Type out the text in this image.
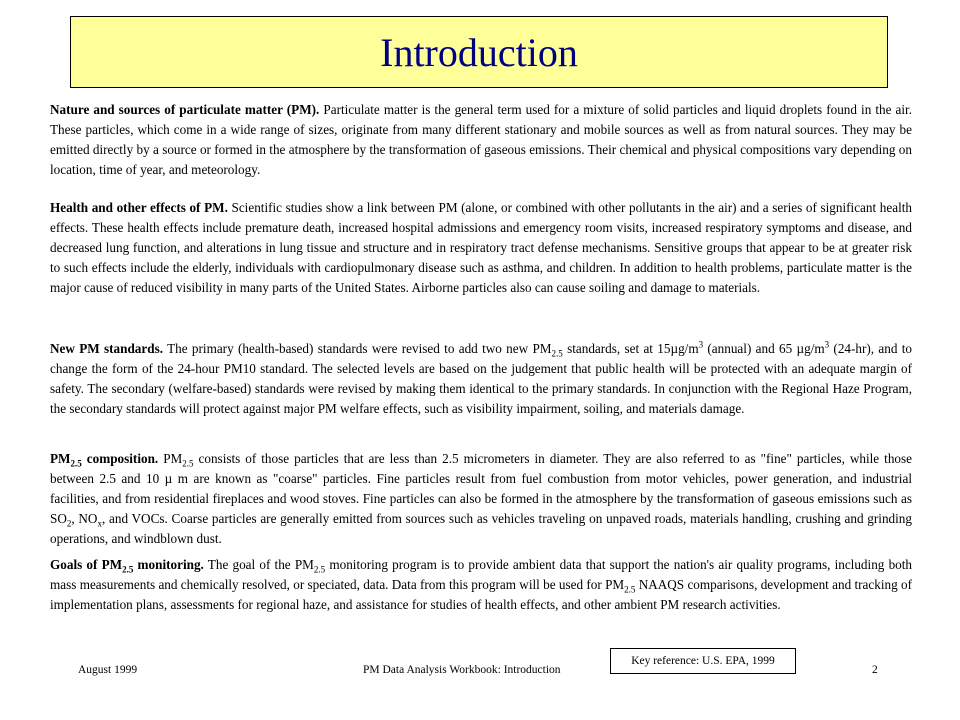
Introduction

Nature and sources of particulate matter (PM). Particulate matter is the general term used for a mixture of solid particles and liquid droplets found in the air. These particles, which come in a wide range of sizes, originate from many different stationary and mobile sources as well as from natural sources. They may be emitted directly by a source or formed in the atmosphere by the transformation of gaseous emissions. Their chemical and physical compositions vary depending on location, time of year, and meteorology.

Health and other effects of PM. Scientific studies show a link between PM (alone, or combined with other pollutants in the air) and a series of significant health effects. These health effects include premature death, increased hospital admissions and emergency room visits, increased respiratory symptoms and disease, and decreased lung function, and alterations in lung tissue and structure and in respiratory tract defense mechanisms. Sensitive groups that appear to be at greater risk to such effects include the elderly, individuals with cardiopulmonary disease such as asthma, and children. In addition to health problems, particulate matter is the major cause of reduced visibility in many parts of the United States. Airborne particles also can cause soiling and damage to materials.

New PM standards. The primary (health-based) standards were revised to add two new $PM_{2.5}$ standards, set at $15\mu g/m^3$ (annual) and 65 $\mu g/m^3$ (24-hr), and to change the form of the 24-hour PM10 standard. The selected levels are based on the judgement that public health will be protected with an adequate margin of safety. The secondary (welfare-based) standards were revised by making them identical to the primary standards. In conjunction with the Regional Haze Program, the secondary standards will protect against major PM welfare effects, such as visibility impairment, soiling, and materials damage.

$PM_{2.5}$ composition. $PM_{2.5}$ consists of those particles that are less than 2.5 micrometers in diameter. They are also referred to as "fine" particles, while those between 2.5 and 10 µ m are known as "coarse" particles. Fine particles result from fuel combustion from motor vehicles, power generation, and industrial facilities, and from residential fireplaces and wood stoves. Fine particles can also be formed in the atmosphere by the transformation of gaseous emissions such as $SO_2$, $NO_x$, and VOCs. Coarse particles are generally emitted from sources such as vehicles traveling on unpaved roads, materials handling, crushing and grinding operations, and windblown dust.

Goals of $PM_{2.5}$ monitoring. The goal of the $PM_{2.5}$ monitoring program is to provide ambient data that support the nation's air quality programs, including both mass measurements and chemically resolved, or speciated, data. Data from this program will be used for $PM_{2.5}$ NAAQS comparisons, development and tracking of implementation plans, assessments for regional haze, and assistance for studies of health effects, and other ambient PM research activities.

Key reference: U.S. EPA, 1999
August 1999	PM Data Analysis Workbook: Introduction	2
